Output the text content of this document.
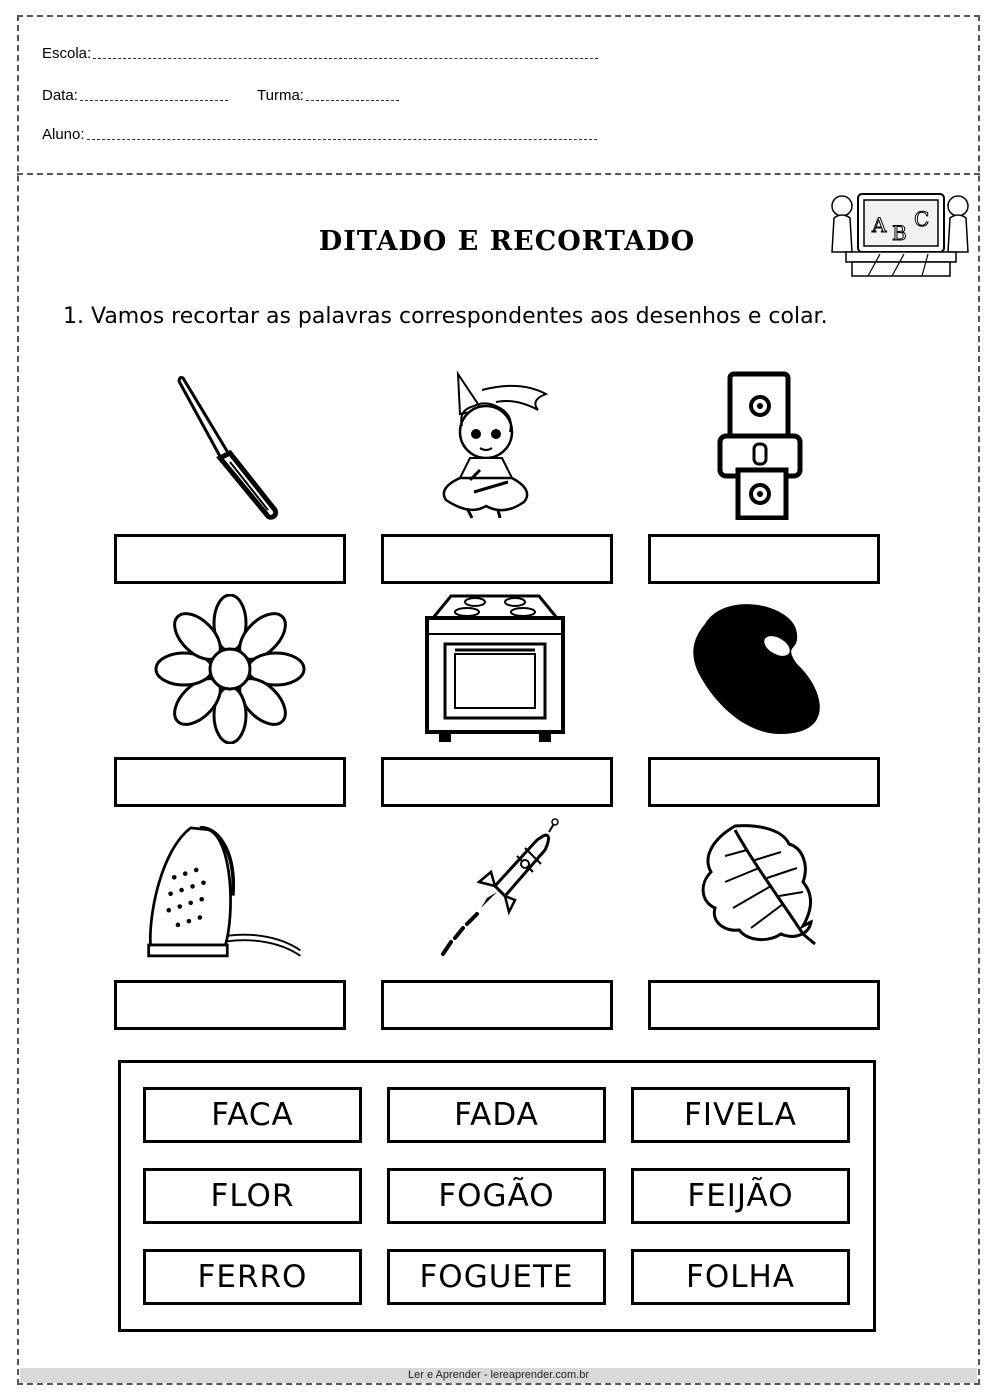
Escola:
Data:	Turma:
Aluno:
DITADO E RECORTADO
1. Vamos recortar as palavras correspondentes aos desenhos e colar.
A B
C
FACA	FADA	FIVELA
FLOR	FOGÃO	FEIJÃO
FERRO	FOGUETE	FOLHA
Ler e Aprender - lereaprender.com.br
